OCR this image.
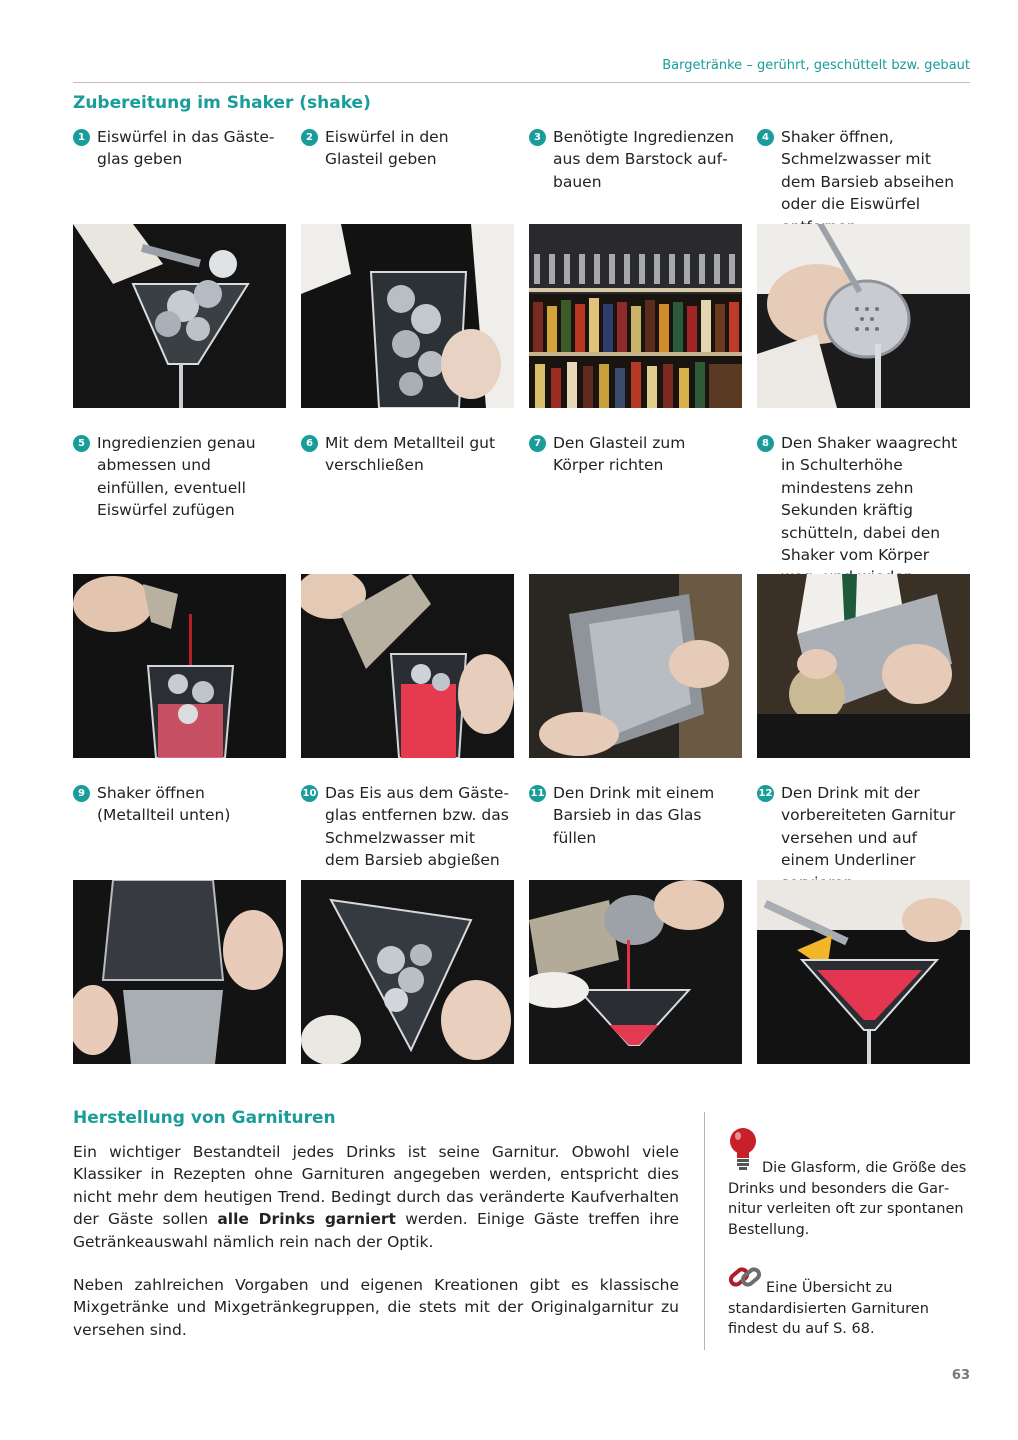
Bargetränke – gerührt, geschüttelt bzw. gebaut
Zubereitung im Shaker (shake)
1 Eiswürfel in das Gästeglas geben
2 Eiswürfel in den Glasteil geben
3 Benötigte Ingredienzen aus dem Barstock aufbauen
4 Shaker öffnen, Schmelzwasser mit dem Barsieb abseihen oder die Eiswürfel
5 Ingredienzien genau abmessen und einfüllen, eventuell Eiswürfel zufügen
6 Mit dem Metallteil gut verschließen
7 Den Glasteil zum Körper richten
8 Den Shaker waagrecht in Schulterhöhe mindestens zehn Sekunden kräftig schütteln, dabei den Shaker vom Körper
9 Shaker öffnen (Metallteil unten)
10 Das Eis aus dem Gästeglas entfernen bzw. das Schmelzwasser mit dem Barsieb abgießen
11 Den Drink mit einem Barsieb in das Glas füllen
12 Den Drink mit der vorbereiteten Garnitur versehen und auf einem Underliner
Herstellung von Garnituren

Ein wichtiger Bestandteil jedes Drinks ist seine Garnitur. Obwohl viele Klassiker in Rezepten ohne Garnituren angegeben werden, entspricht dies nicht mehr dem heutigen Trend. Bedingt durch das veränderte Kaufverhalten der Gäste sollen alle Drinks garniert werden. Einige Gäste treffen ihre Getränkeauswahl nämlich rein nach der Optik.

Neben zahlreichen Vorgaben und eigenen Kreationen gibt es klassische Mixgetränke und Mixgetränkegruppen, die stets mit der Originalgarnitur zu versehen sind.

Die Glasform, die Größe des Drinks und besonders die Garnitur verleiten oft zur spontanen Bestellung.
Eine Übersicht zu standardisierten Garnituren findest du auf S. 68.
63
